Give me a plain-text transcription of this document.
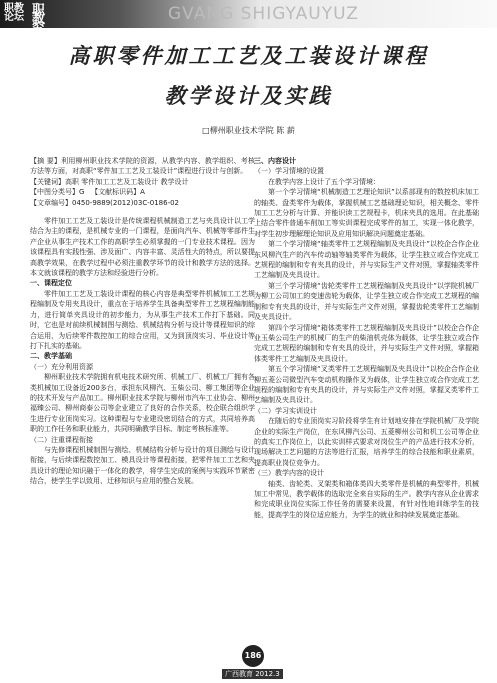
职教
论坛 职教究
GVANG SHIGYAUYUZ
高职零件加工工艺及工装设计课程
教学设计及实践
□柳州职业技术学院 陈 薪

【摘 要】利用柳州职业技术学院的资源，从教学内容、教学组织、考核方法等方面，对高职“零件加工工艺及工装设计”课程进行设计与创新。

【关键词】高职 零件加工工艺及工装设计 教学设计

【中图分类号】G 【文献标识码】A

【文章编号】0450-9889(2012)03C-0186-02

零件加工工艺及工装设计是传统课程机械制造工艺与夹具设计以工学结合为主的课程，是机械专业的一门课程，是面向汽车、机械等零部件生产企业从事生产技术工作的高职学生必须掌握的一门专业技术课程。因为该课程具有实践性强、涉及面广、内容丰富、灵活性大的特点，所以要提高教学效果，在教学过程中必须注重教学环节的设计和教学方法的选择。本文就该课程的教学方法和经验进行分析。

一、课程定位

零件加工工艺及工装设计课程的核心内容是典型零件机械加工工艺规程编制及专用夹具设计，重点在于培养学生具备典型零件工艺规程编制能力，进行简单夹具设计的初步能力，为从事生产技术工作打下基础。同时，它也是对前续机械制图与测绘、机械结构分析与设计等课程知识的综合运用，为后续零件数控加工的综合应用，又为到顶岗实习、毕业设计等打下扎实的基础。

二、教学基础

（一）充分利用资源

柳州职业技术学院拥有机电技术研究所、机械工厂、机械工厂拥有各类机械加工设备近200多台，承担东风柳汽、玉柴公司、柳工集团等企业的技术开发与产品加工。柳州职业技术学院与柳州市汽车工业协会、柳州福臻公司、柳州商泰公司等企业建立了良好的合作关系，校企联合组织学生进行专业顶岗实习。这种课程与专业建设密切结合的方式，共同培养高职的工作任务和职业能力，共同明确教学目标、制定考核标准等。

（二）注重课程衔接

与先修课程机械制图与测绘、机械结构分析与设计的项目测绘与设计衔接，与后续课程数控加工、模具设计等课程衔接，把零件加工工艺和夹具设计的理论知识融于一体化的教学，将学生完成的案例与实践环节紧密结合，使学生学以致用、迁移知识与应用的整合发展。

三、内容设计

（一）学习情境的设置

在教学内容上设计了五个学习情境：

第一个学习情境“机械制造工艺理论知识”以系部现有的数控机床加工的轴类、盘类零件为载体，掌握机械工艺基础理论知识，相关概念、零件加工工艺分析与计算、并能识读工艺规程卡，机床夹具的选用。在此基础上结合零件普通车削加工等实训课程完成零件的加工，实现一体化教学，对学生初步理解理论知识及应用知识解决问题奠定基础。

第二个学习情境“轴类零件工艺规程编制及夹具设计”以校企合作企业东风柳汽生产的汽车传动轴等轴类零件为载体，让学生独立或合作完成工艺规程的编制和专有夹具的设计，并与实际生产文件对照，掌握轴类零件工艺编制及夹具设计。

第三个学习情境“齿轮类零件工艺规程编制及夹具设计”以学院机械厂为柳工公司加工的变速齿轮为载体，让学生独立或合作完成工艺规程的编制和专有夹具的设计，并与实际生产文件对照，掌握齿轮类零件工艺编制及夹具设计。

第四个学习情境“箱体类零件工艺规程编制及夹具设计”以校企合作企业玉柴公司生产的机械厂的生产的柴油机壳体为载体，让学生独立或合作完成工艺规程的编制和专有夹具的设计，并与实际生产文件对照，掌握箱体类零件工艺编制及夹具设计。

第五个学习情境“叉类零件工艺规程编制及夹具设计”以校企合作企业柳五菱公司微型汽车变动机构操作叉为载体，让学生独立或合作完成工艺规程的编制和专有夹具的设计，并与实际生产文件对照，掌握叉类零件工艺编制及夹具设计。

（二）学习实训设计

在随后的专业顶岗实习阶段将学生有计划地安排在学院机械厂及学院企业的实际生产岗位，在东风柳汽公司、五菱柳州公司和机工公司等企业的真实工作岗位上，以此实训样式要求对岗位生产的产品进行技术分析，现场解决工艺问题的方法等进行汇报，培养学生的综合技能和职业素质，提高职业岗位竞争力。

（三）教学内容的设计

轴类、齿轮类、叉架类和箱体类四大类零件是机械的典型零件，机械加工中常见，教学载体的选取完全来自实际的生产。教学内容从企业需求和完成职业岗位实际工作任务的需要来设置，有针对性地训练学生的技能，提高学生的岗位适应能力，为学生的就业和持续发展奠定基础。

186
广西教育 2012.3
